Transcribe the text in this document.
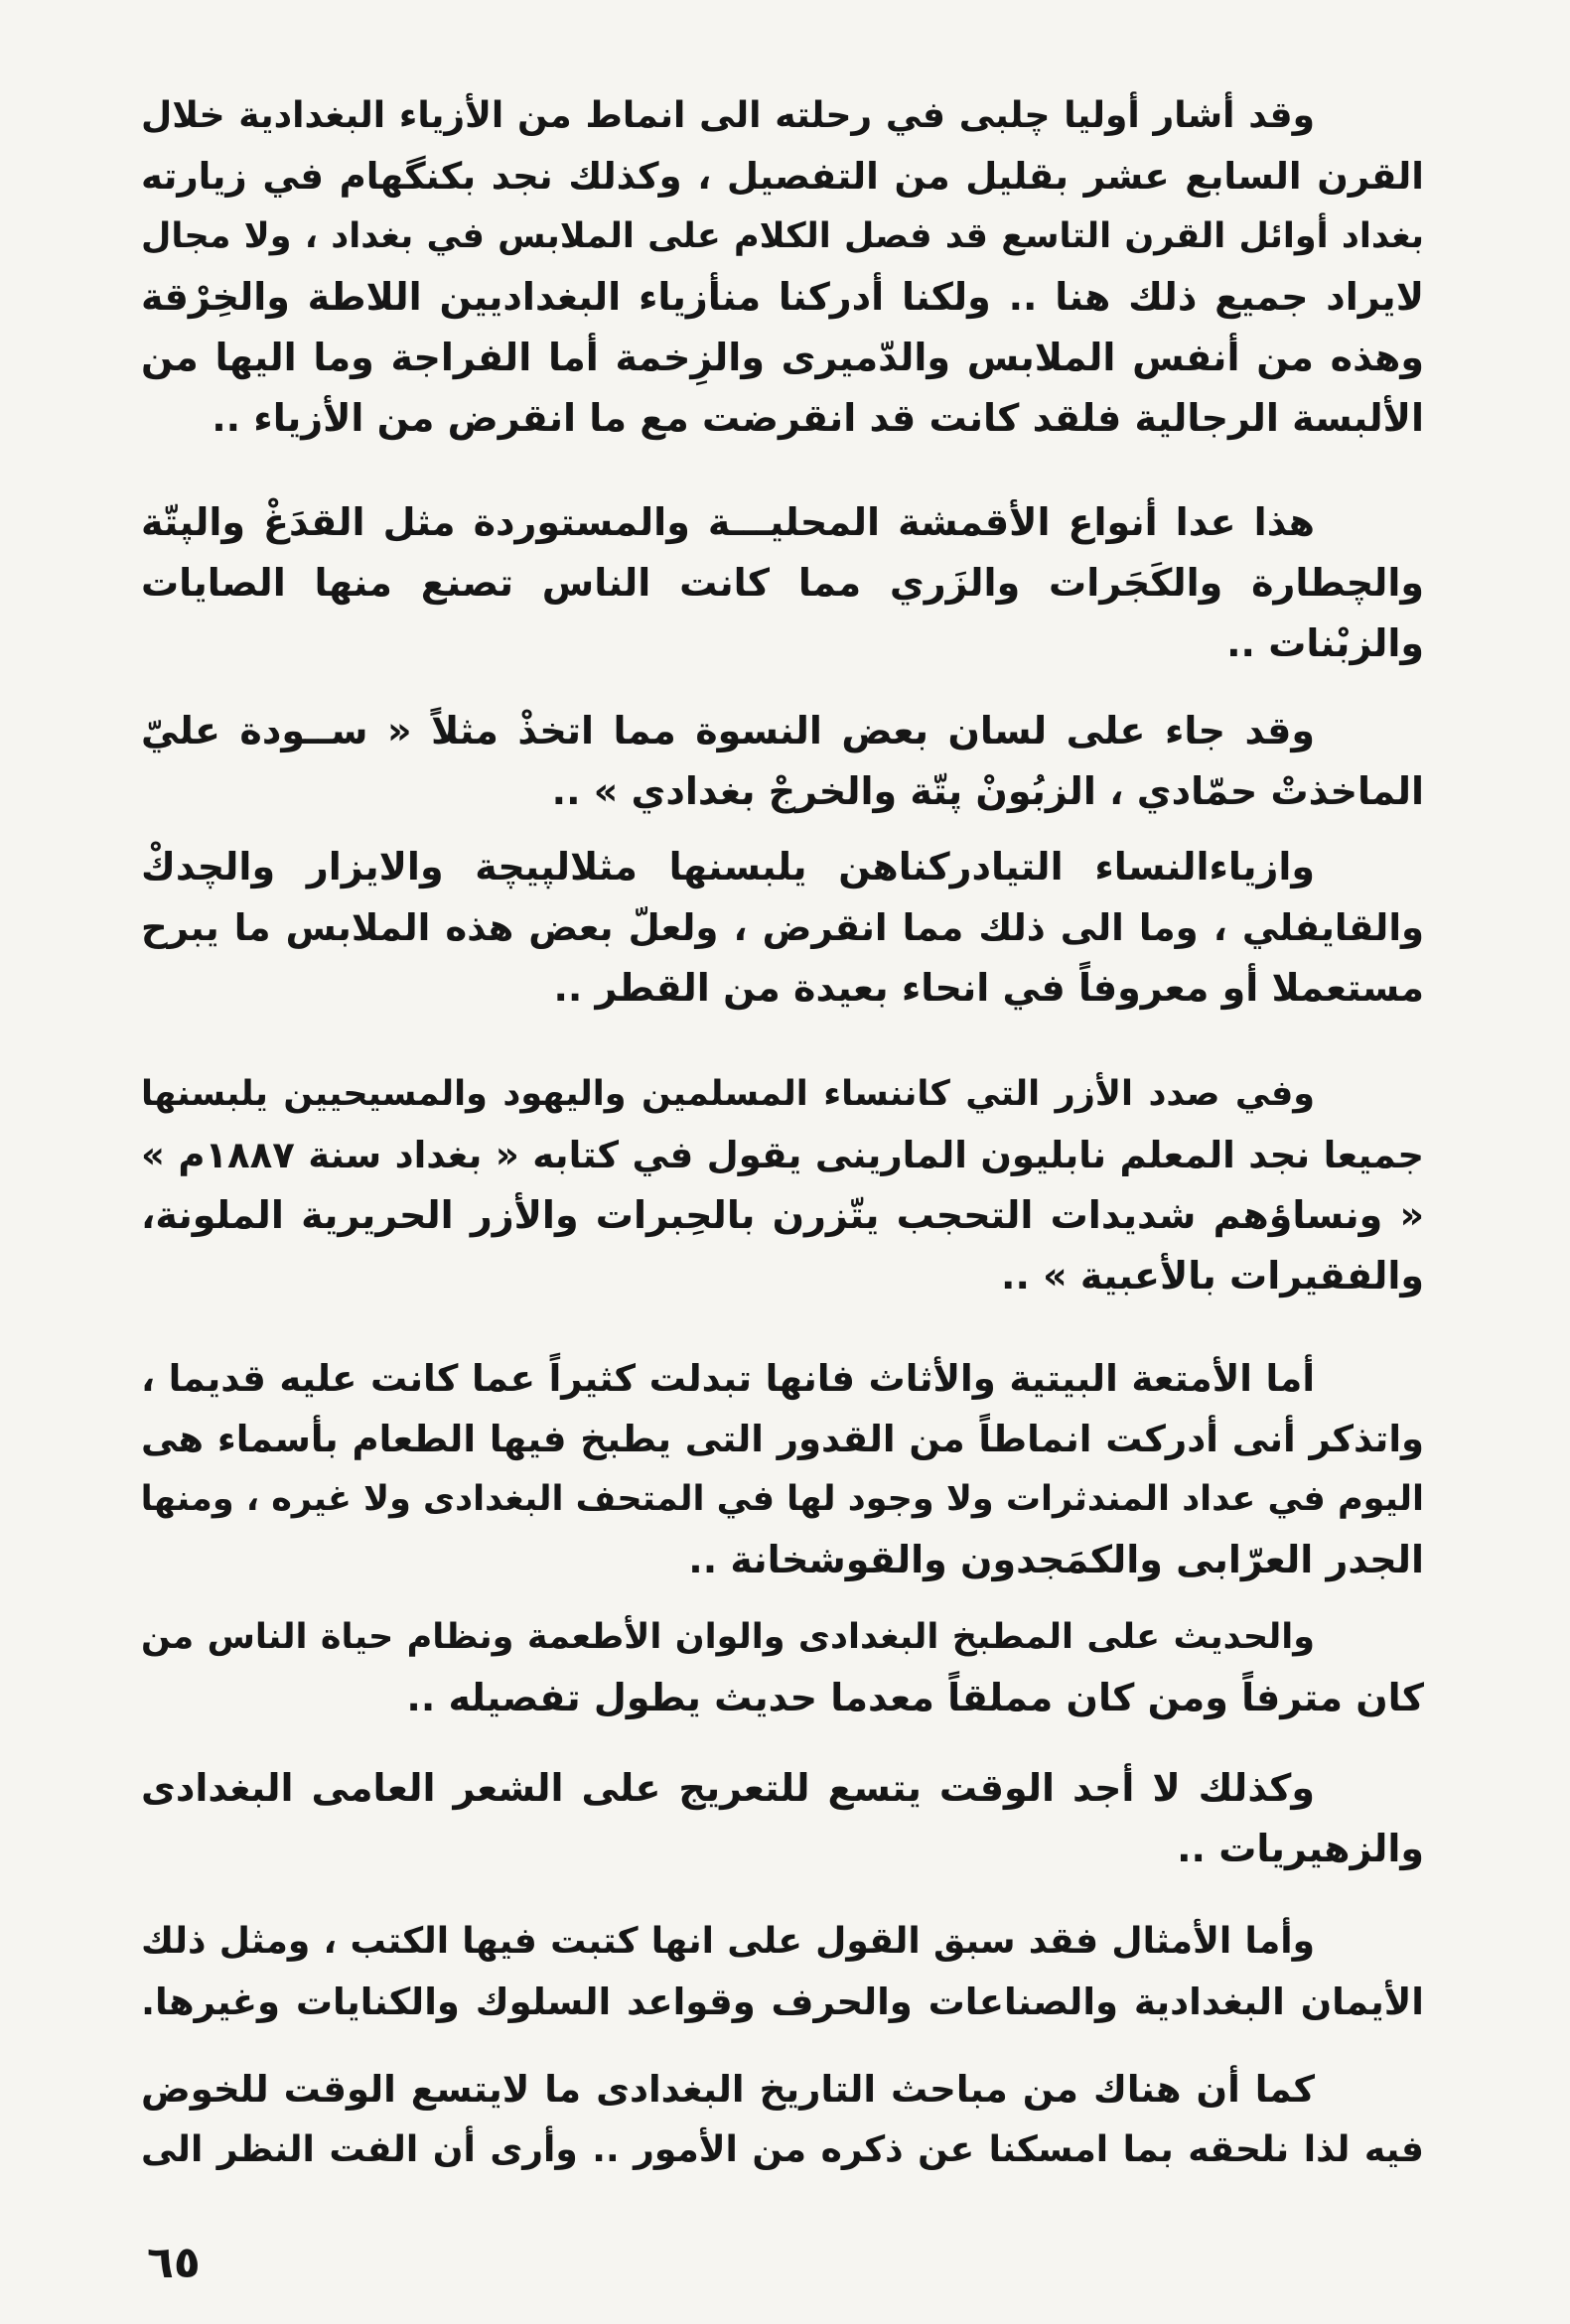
وقد أشار أوليا چلبى في رحلته الى انماط من الأزياء البغدادية خلال
القرن السابع عشر بقليل من التفصيل ، وكذلك نجد بكنگهام في زيارته
بغداد أوائل القرن التاسع قد فصل الكلام على الملابس في بغداد ، ولا مجال
لايراد جميع ذلك هنا .. ولكنا أدركنا منأزياء البغداديين اللاطة والخِرْقة
وهذه من أنفس الملابس والدّميرى والزِخمة أما الفراجة وما اليها من
الألبسة الرجالية فلقد كانت قد انقرضت مع ما انقرض من الأزياء ..
هذا عدا أنواع الأقمشة المحليـــة والمستوردة مثل القدَغْ والپتّة
والچطارة والكَجَرات والزَري مما كانت الناس تصنع منها الصايات
والزبْنات ..
وقد جاء على لسان بعض النسوة مما اتخذْ مثلاً « ســودة عليّ
الماخذتْ حمّادي ، الزبُونْ پتّة والخرجْ بغدادي » ..
وازياءالنساء التيادركناهن يلبسنها مثلالپيچة والايزار والچدكْ
والقايفلي ، وما الى ذلك مما انقرض ، ولعلّ بعض هذه الملابس ما يبرح
مستعملا أو معروفاً في انحاء بعيدة من القطر ..
وفي صدد الأزر التي كاننساء المسلمين واليهود والمسيحيين يلبسنها
جميعا نجد المعلم نابليون المارينى يقول في كتابه « بغداد سنة ١٨٨٧م »
« ونساؤهم شديدات التحجب يتّزرن بالحِبرات والأزر الحريرية الملونة،
والفقيرات بالأعبية » ..
أما الأمتعة البيتية والأثاث فانها تبدلت كثيراً عما كانت عليه قديما ،
واتذكر أنى أدركت انماطاً من القدور التى يطبخ فيها الطعام بأسماء هى
اليوم في عداد المندثرات ولا وجود لها في المتحف البغدادى ولا غيره ، ومنها
الجدر العرّابى والكمَجدون والقوشخانة ..
والحديث على المطبخ البغدادى والوان الأطعمة ونظام حياة الناس من
كان مترفاً ومن كان مملقاً معدما حديث يطول تفصيله ..
وكذلك لا أجد الوقت يتسع للتعريج على الشعر العامى البغدادى
والزهيريات ..
وأما الأمثال فقد سبق القول على انها كتبت فيها الكتب ، ومثل ذلك
الأيمان البغدادية والصناعات والحرف وقواعد السلوك والكنايات وغيرها.
كما أن هناك من مباحث التاريخ البغدادى ما لايتسع الوقت للخوض
فيه لذا نلحقه بما امسكنا عن ذكره من الأمور .. وأرى أن الفت النظر الى
٦٥
